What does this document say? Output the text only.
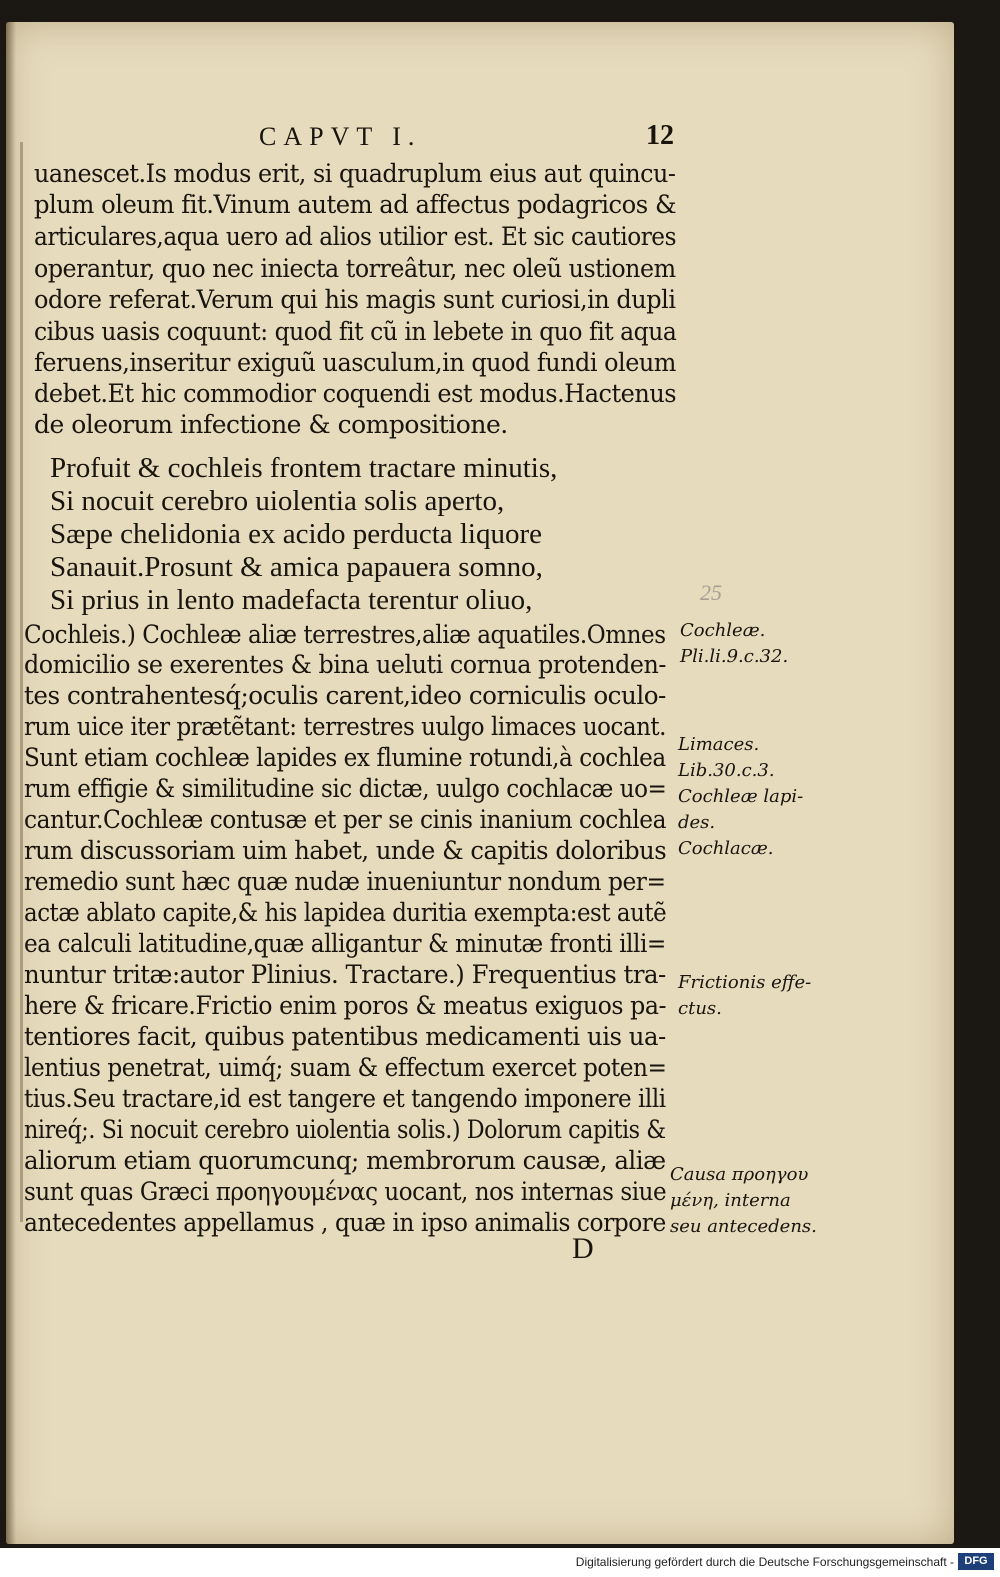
CAPVT I.	12
uanescet.Is modus erit, si quadruplum eius aut quincu-
plum oleum fit.Vinum autem ad affectus podagricos &
articulares,aqua uero ad alios utilior est. Et sic cautiores
operantur, quo nec iniecta torreâtur, nec oleũ ustionem
odore referat.Verum qui his magis sunt curiosi,in dupli
cibus uasis coquunt: quod fit cũ in lebete in quo fit aqua
feruens,inseritur exiguũ uasculum,in quod fundi oleum
debet.Et hic commodior coquendi est modus.Hactenus
de oleorum infectione & compositione.
Profuit & cochleis frontem tractare minutis,
Si nocuit cerebro uiolentia solis aperto,
Sæpe chelidonia ex acido perducta liquore
Sanauit.Prosunt & amica papauera somno,
Si prius in lento madefacta terentur oliuo,	25
Cochleis.) Cochleæ aliæ terrestres,aliæ aquatiles.Omnes
domicilio se exerentes & bina ueluti cornua protenden-
tes contrahentesq́;oculis carent,ideo corniculis oculo-
rum uice iter prætẽtant: terrestres uulgo limaces uocant.
Sunt etiam cochleæ lapides ex flumine rotundi,à cochlea
rum effigie & similitudine sic dictæ, uulgo cochlacæ uo=
cantur.Cochleæ contusæ et per se cinis inanium cochlea
rum discussoriam uim habet, unde & capitis doloribus
remedio sunt hæc quæ nudæ inueniuntur nondum per=
actæ ablato capite,& his lapidea duritia exempta:est autẽ
ea calculi latitudine,quæ alligantur & minutæ fronti illi=
nuntur tritæ:autor Plinius. Tractare.) Frequentius tra-
here & fricare.Frictio enim poros & meatus exiguos pa-
tentiores facit, quibus patentibus medicamenti uis ua-
lentius penetrat, uimq́; suam & effectum exercet poten=
tius.Seu tractare,id est tangere et tangendo imponere illi
nireq́;. Si nocuit cerebro uiolentia solis.) Dolorum capitis &
aliorum etiam quorumcunq; membrorum causæ, aliæ
sunt quas Græci προηγουμένας uocant, nos internas siue
antecedentes appellamus , quæ in ipso animalis corpore
D
Cochleæ.
Pli.li.9.c.32.
Limaces.
Lib.30.c.3.
Cochleæ lapi-
des.
Cochlacæ.
Frictionis effe-
ctus.
Causa προηγου
μένη, interna
seu antecedens.
Digitalisierung gefördert durch die Deutsche Forschungsgemeinschaft - DFG
